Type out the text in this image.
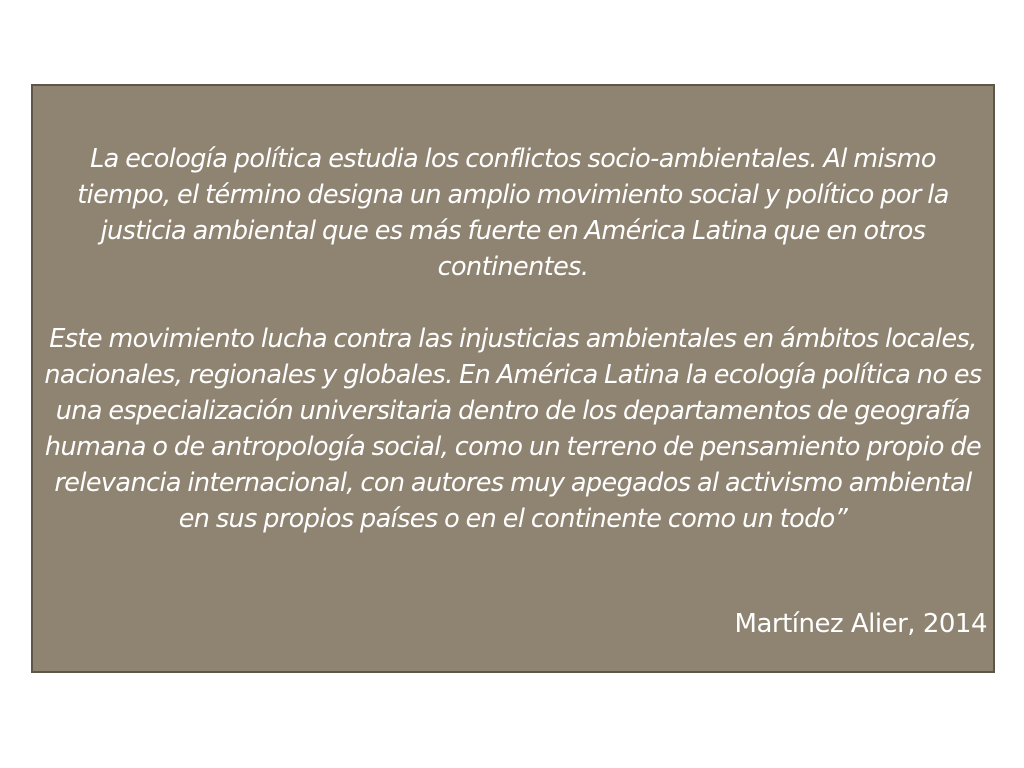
La ecología política estudia los conflictos socio-ambientales. Al mismo tiempo, el término designa un amplio movimiento social y político por la justicia ambiental que es más fuerte en América Latina que en otros continentes.

Este movimiento lucha contra las injusticias ambientales en ámbitos locales, nacionales, regionales y globales. En América Latina la ecología política no es una especialización universitaria dentro de los departamentos de geografía humana o de antropología social, como un terreno de pensamiento propio de relevancia internacional, con autores muy apegados al activismo ambiental en sus propios países o en el continente como un todo”

Martínez Alier, 2014
